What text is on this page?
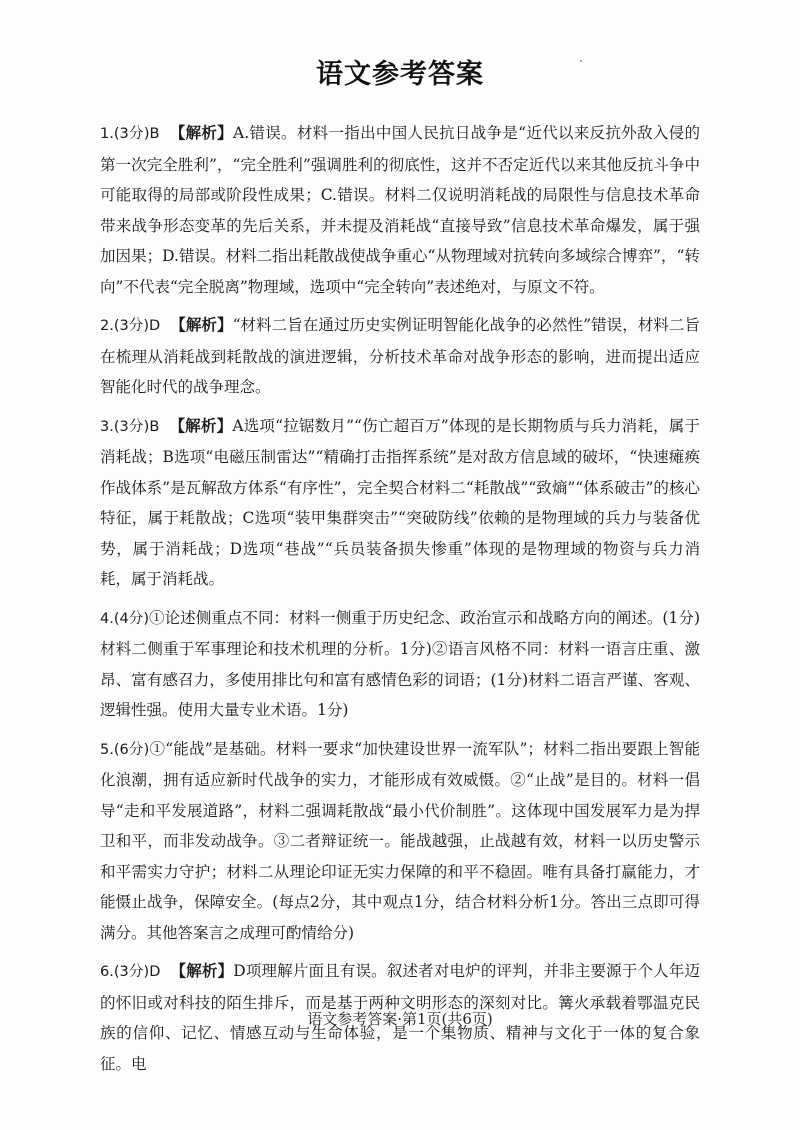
语文参考答案
1.(3分)B 【解析】A.错误。材料一指出中国人民抗日战争是“近代以来反抗外敌入侵的第一次完全胜利”，“完全胜利”强调胜利的彻底性，这并不否定近代以来其他反抗斗争中可能取得的局部或阶段性成果；C.错误。材料二仅说明消耗战的局限性与信息技术革命带来战争形态变革的先后关系，并未提及消耗战“直接导致”信息技术革命爆发，属于强加因果；D.错误。材料二指出耗散战使战争重心“从物理域对抗转向多域综合博弈”，“转向”不代表“完全脱离”物理域，选项中“完全转向”表述绝对，与原文不符。
2.(3分)D 【解析】“材料二旨在通过历史实例证明智能化战争的必然性”错误，材料二旨在梳理从消耗战到耗散战的演进逻辑，分析技术革命对战争形态的影响，进而提出适应智能化时代的战争理念。
3.(3分)B 【解析】A选项“拉锯数月”“伤亡超百万”体现的是长期物质与兵力消耗，属于消耗战；B选项“电磁压制雷达”“精确打击指挥系统”是对敌方信息域的破坏，“快速瘫痪作战体系”是瓦解敌方体系“有序性”，完全契合材料二“耗散战”“致熵”“体系破击”的核心特征，属于耗散战；C选项“装甲集群突击”“突破防线”依赖的是物理域的兵力与装备优势，属于消耗战；D选项“巷战”“兵员装备损失惨重”体现的是物理域的物资与兵力消耗，属于消耗战。
4.(4分)①论述侧重点不同：材料一侧重于历史纪念、政治宣示和战略方向的阐述。(1分)材料二侧重于军事理论和技术机理的分析。1分)②语言风格不同：材料一语言庄重、激昂、富有感召力，多使用排比句和富有感情色彩的词语；(1分)材料二语言严谨、客观、逻辑性强。使用大量专业术语。1分)
5.(6分)①“能战”是基础。材料一要求“加快建设世界一流军队”；材料二指出要跟上智能化浪潮，拥有适应新时代战争的实力，才能形成有效威慑。②“止战”是目的。材料一倡导“走和平发展道路”，材料二强调耗散战“最小代价制胜”。这体现中国发展军力是为捍卫和平，而非发动战争。③二者辩证统一。能战越强，止战越有效，材料一以历史警示和平需实力守护；材料二从理论印证无实力保障的和平不稳固。唯有具备打赢能力，才能慑止战争，保障安全。(每点2分，其中观点1分，结合材料分析1分。答出三点即可得满分。其他答案言之成理可酌情给分)
6.(3分)D 【解析】D项理解片面且有误。叙述者对电炉的评判，并非主要源于个人年迈的怀旧或对科技的陌生排斥，而是基于两种文明形态的深刻对比。篝火承载着鄂温克民族的信仰、记忆、情感互动与生命体验，是一个集物质、精神与文化于一体的复合象征。电
语文参考答案·第1页(共6页)
